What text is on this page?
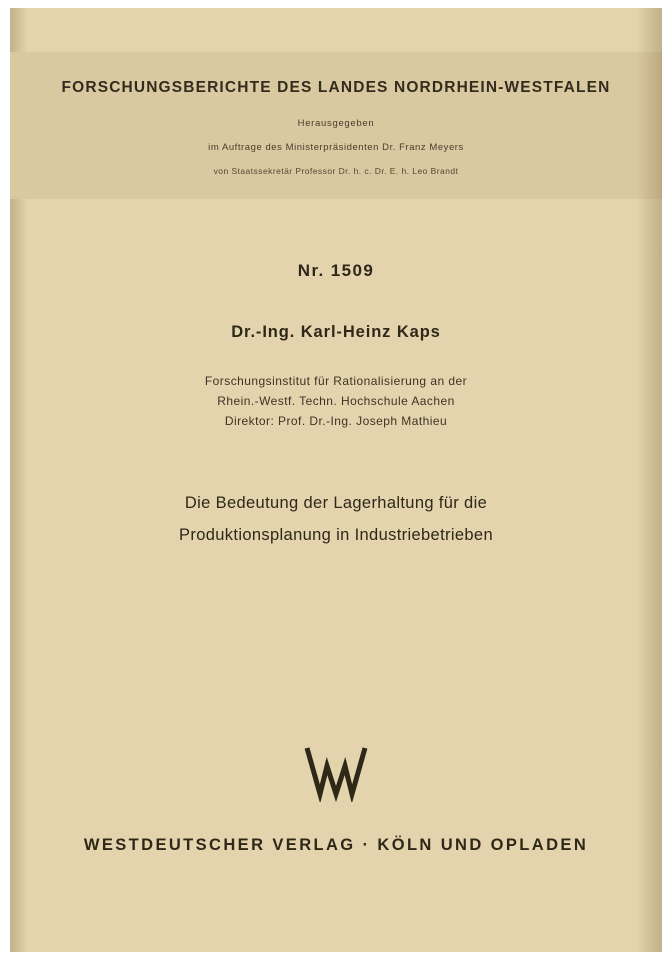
FORSCHUNGSBERICHTE DES LANDES NORDRHEIN-WESTFALEN
Herausgegeben
im Auftrage des Ministerpräsidenten Dr. Franz Meyers
von Staatssekretär Professor Dr. h. c. Dr. E. h. Leo Brandt
Nr. 1509
Dr.-Ing. Karl-Heinz Kaps
Forschungsinstitut für Rationalisierung an der
Rhein.-Westf. Techn. Hochschule Aachen
Direktor: Prof. Dr.-Ing. Joseph Mathieu
Die Bedeutung der Lagerhaltung für die
Produktionsplanung in Industriebetrieben
WESTDEUTSCHER VERLAG · KÖLN UND OPLADEN
